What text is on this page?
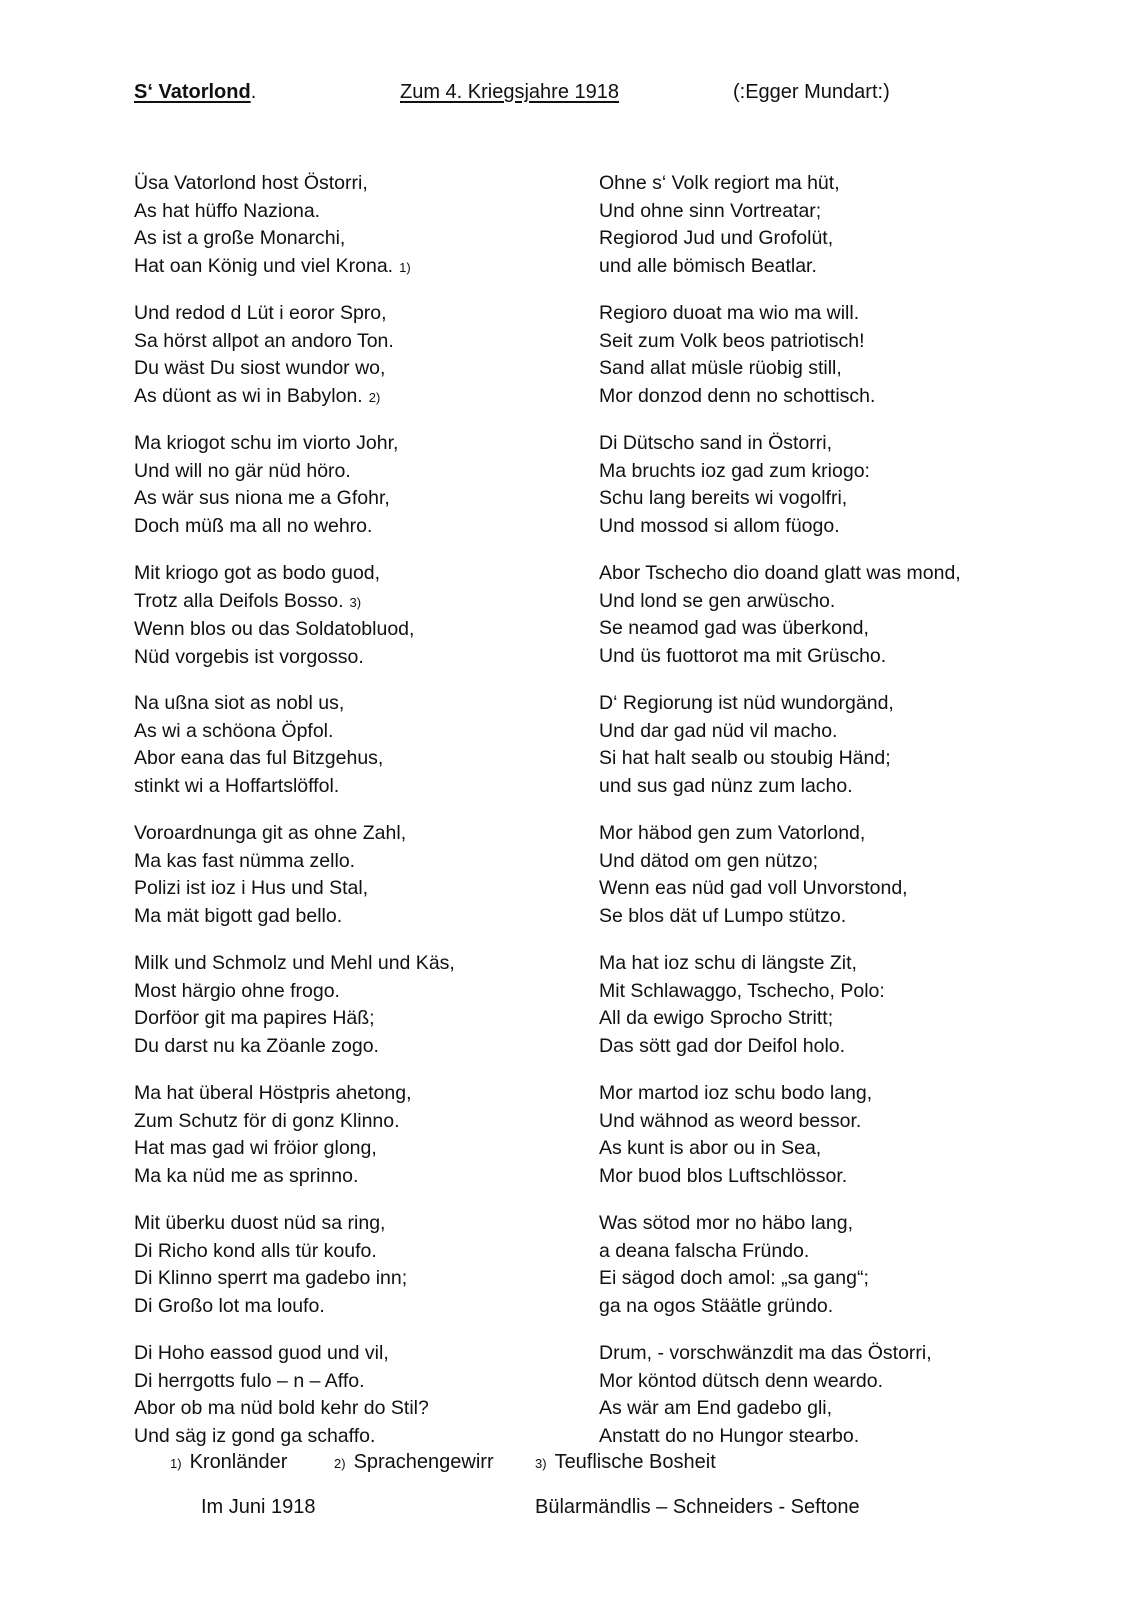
S‘ Vatorlond.	Zum 4. Kriegsjahre 1918	(:Egger Mundart:)
Üsa Vatorlond host Östorri,
As hat hüffo Naziona.
As ist a große Monarchi,
Hat oan König und viel Krona. 1)
Und redod d Lüt i eoror Spro,
Sa hörst allpot an andoro Ton.
Du wäst Du siost wundor wo,
As düont as wi in Babylon. 2)
Ma kriogot schu im viorto Johr,
Und will no gär nüd höro.
As wär sus niona me a Gfohr,
Doch müß ma all no wehro.
Mit kriogo got as bodo guod,
Trotz alla Deifols Bosso. 3)
Wenn blos ou das Soldatobluod,
Nüd vorgebis ist vorgosso.
Na ußna siot as nobl us,
As wi a schöona Öpfol.
Abor eana das ful Bitzgehus,
stinkt wi a Hoffartslöffol.
Voroardnunga git as ohne Zahl,
Ma kas fast nümma zello.
Polizi ist ioz i Hus und Stal,
Ma mät bigott gad bello.
Milk und Schmolz und Mehl und Käs,
Most härgio ohne frogo.
Dorföor git ma papires Häß;
Du darst nu ka Zöanle zogo.
Ma hat überal Höstpris ahetong,
Zum Schutz för di gonz Klinno.
Hat mas gad wi fröior glong,
Ma ka nüd me as sprinno.
Mit überku duost nüd sa ring,
Di Richo kond alls tür koufo.
Di Klinno sperrt ma gadebo inn;
Di Großo lot ma loufo.
Di Hoho eassod guod und vil,
Di herrgotts fulo – n – Affo.
Abor ob ma nüd bold kehr do Stil?
Und säg iz gond ga schaffo.
Ohne s‘ Volk regiort ma hüt,
Und ohne sinn Vortreatar;
Regiorod Jud und Grofolüt,
und alle bömisch Beatlar.
Regioro duoat ma wio ma will.
Seit zum Volk beos patriotisch!
Sand allat müsle rüobig still,
Mor donzod denn no schottisch.
Di Dütscho sand in Östorri,
Ma bruchts ioz gad zum kriogo:
Schu lang bereits wi vogolfri,
Und mossod si allom füogo.
Abor Tschecho dio doand glatt was mond,
Und lond se gen arwüscho.
Se neamod gad was überkond,
Und üs fuottorot ma mit Grüscho.
D‘ Regiorung ist nüd wundorgänd,
Und dar gad nüd vil macho.
Si hat halt sealb ou stoubig Händ;
und sus gad nünz zum lacho.
Mor häbod gen zum Vatorlond,
Und dätod om gen nützo;
Wenn eas nüd gad voll Unvorstond,
Se blos dät uf Lumpo stützo.
Ma hat ioz schu di längste Zit,
Mit Schlawaggo, Tschecho, Polo:
All da ewigo Sprocho Stritt;
Das sött gad dor Deifol holo.
Mor martod ioz schu bodo lang,
Und wähnod as weord bessor.
As kunt is abor ou in Sea,
Mor buod blos Luftschlössor.
Was sötod mor no häbo lang,
a deana falscha Fründo.
Ei sägod doch amol: „sa gang“;
ga na ogos Stäätle gründo.
Drum, - vorschwänzdit ma das Östorri,
Mor köntod dütsch denn weardo.
As wär am End gadebo gli,
Anstatt do no Hungor stearbo.
1) Kronländer	2) Sprachengewirr	3) Teuflische Bosheit
Im Juni 1918	Bülarmändlis – Schneiders - Seftone
